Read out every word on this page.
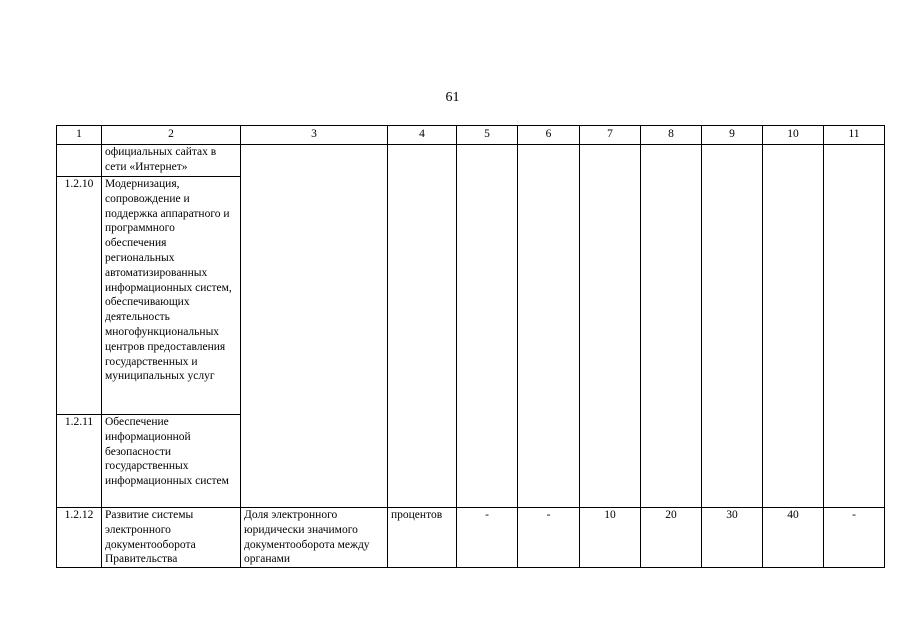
61
1	2	3	4	5	6	7	8	9	10	11
	официальных сайтах в сети «Интернет»									
1.2.10	Модернизация, сопровождение и поддержка аппаратного и программного обеспечения региональных автоматизированных информационных систем, обеспечивающих деятельность многофункциональных центров предоставления государственных и муниципальных услуг									
1.2.11	Обеспечение информационной безопасности государственных информационных систем									
1.2.12	Развитие системы электронного документооборота Правительства	Доля электронного юридически значимого документооборота между органами	процентов	-	-	10	20	30	40	-
